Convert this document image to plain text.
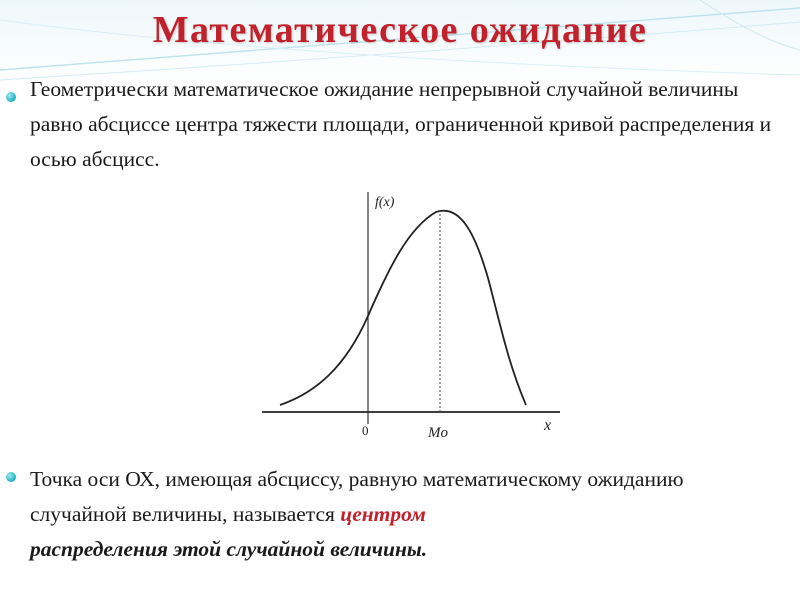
Математическое ожидание
Геометрически математическое ожидание непрерывной случайной величины равно абсциссе центра тяжести площади, ограниченной кривой распределения и осью абсцисс.
f(x)
x
0	Mo
Точка оси ОХ, имеющая абсциссу, равную математическому ожиданию случайной величины, называется центром
распределения этой случайной величины.
